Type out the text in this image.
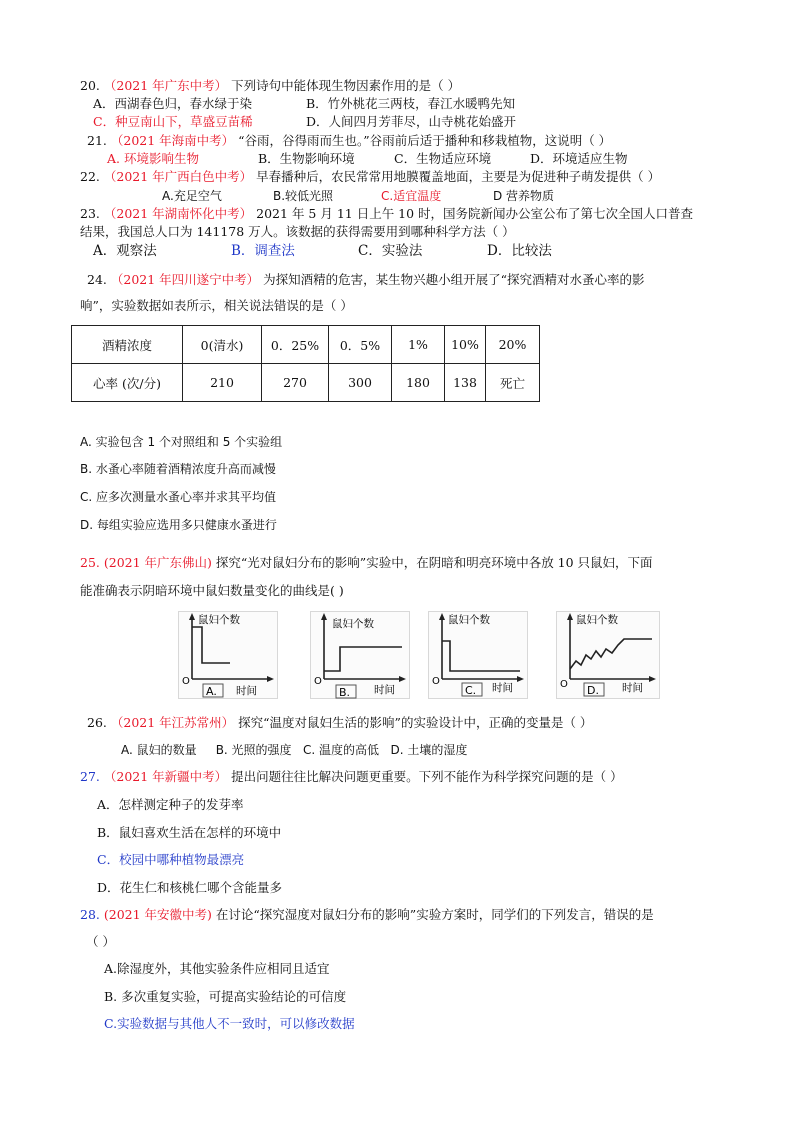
20. （2021 年广东中考） 下列诗句中能体现生物因素作用的是（ ）
A．西湖春色归，春水绿于染	B．竹外桃花三两枝，春江水暖鸭先知
C．种豆南山下，草盛豆苗稀	D．人间四月芳菲尽，山寺桃花始盛开
21. （2021 年海南中考） “谷雨，谷得雨而生也。”谷雨前后适于播种和移栽植物，这说明（ ）
A. 环境影响生物	B．生物影响环境	C．生物适应环境	D．环境适应生物
22. （2021 年广西白色中考） 早春播种后，农民常常用地膜覆盖地面，主要是为促进种子萌发提供（ ）
A.充足空气	B.较低光照	C.适宜温度	D 营养物质
23. （2021 年湖南怀化中考） 2021 年 5 月 11 日上午 10 时，国务院新闻办公室公布了第七次全国人口普查
结果，我国总人口为 141178 万人。该数据的获得需要用到哪种科学方法（ ）
A．观察法	B．调查法	C．实验法	D．比较法
24. （2021 年四川遂宁中考） 为探知酒精的危害，某生物兴趣小组开展了“探究酒精对水蚤心率的影
响”，实验数据如表所示，相关说法错误的是（ ）
酒精浓度	0(清水)	0．25%	0．5%	1%	10%	20%
心率 (次/分)	210	270	300	180	138	死亡
A. 实验包含 1 个对照组和 5 个实验组
B. 水蚤心率随着酒精浓度升高而减慢
C. 应多次测量水蚤心率并求其平均值
D. 每组实验应选用多只健康水蚤进行
25. (2021 年广东佛山) 探究“光对鼠妇分布的影响”实验中，在阴暗和明亮环境中各放 10 只鼠妇，下面
能准确表示阴暗环境中鼠妇数量变化的曲线是( )
鼠妇个数
O
时间
A.
鼠妇个数
O
时间
B.
鼠妇个数
O
时间
C.
鼠妇个数
O	时间
D.
26. （2021 年江苏常州） 探究“温度对鼠妇生活的影响”的实验设计中，正确的变量是（ ）
A. 鼠妇的数量     B. 光照的强度   C. 温度的高低   D. 土壤的湿度
27. （2021 年新疆中考） 提出问题往往比解决问题更重要。下列不能作为科学探究问题的是（ ）
A．怎样测定种子的发芽率
B．鼠妇喜欢生活在怎样的环境中
C．校园中哪种植物最漂亮
D．花生仁和核桃仁哪个含能量多
28. (2021 年安徽中考) 在讨论“探究湿度对鼠妇分布的影响”实验方案时，同学们的下列发言，错误的是
（ ）
A.除湿度外，其他实验条件应相同且适宜
B. 多次重复实验，可提高实验结论的可信度
C.实验数据与其他人不一致时，可以修改数据
